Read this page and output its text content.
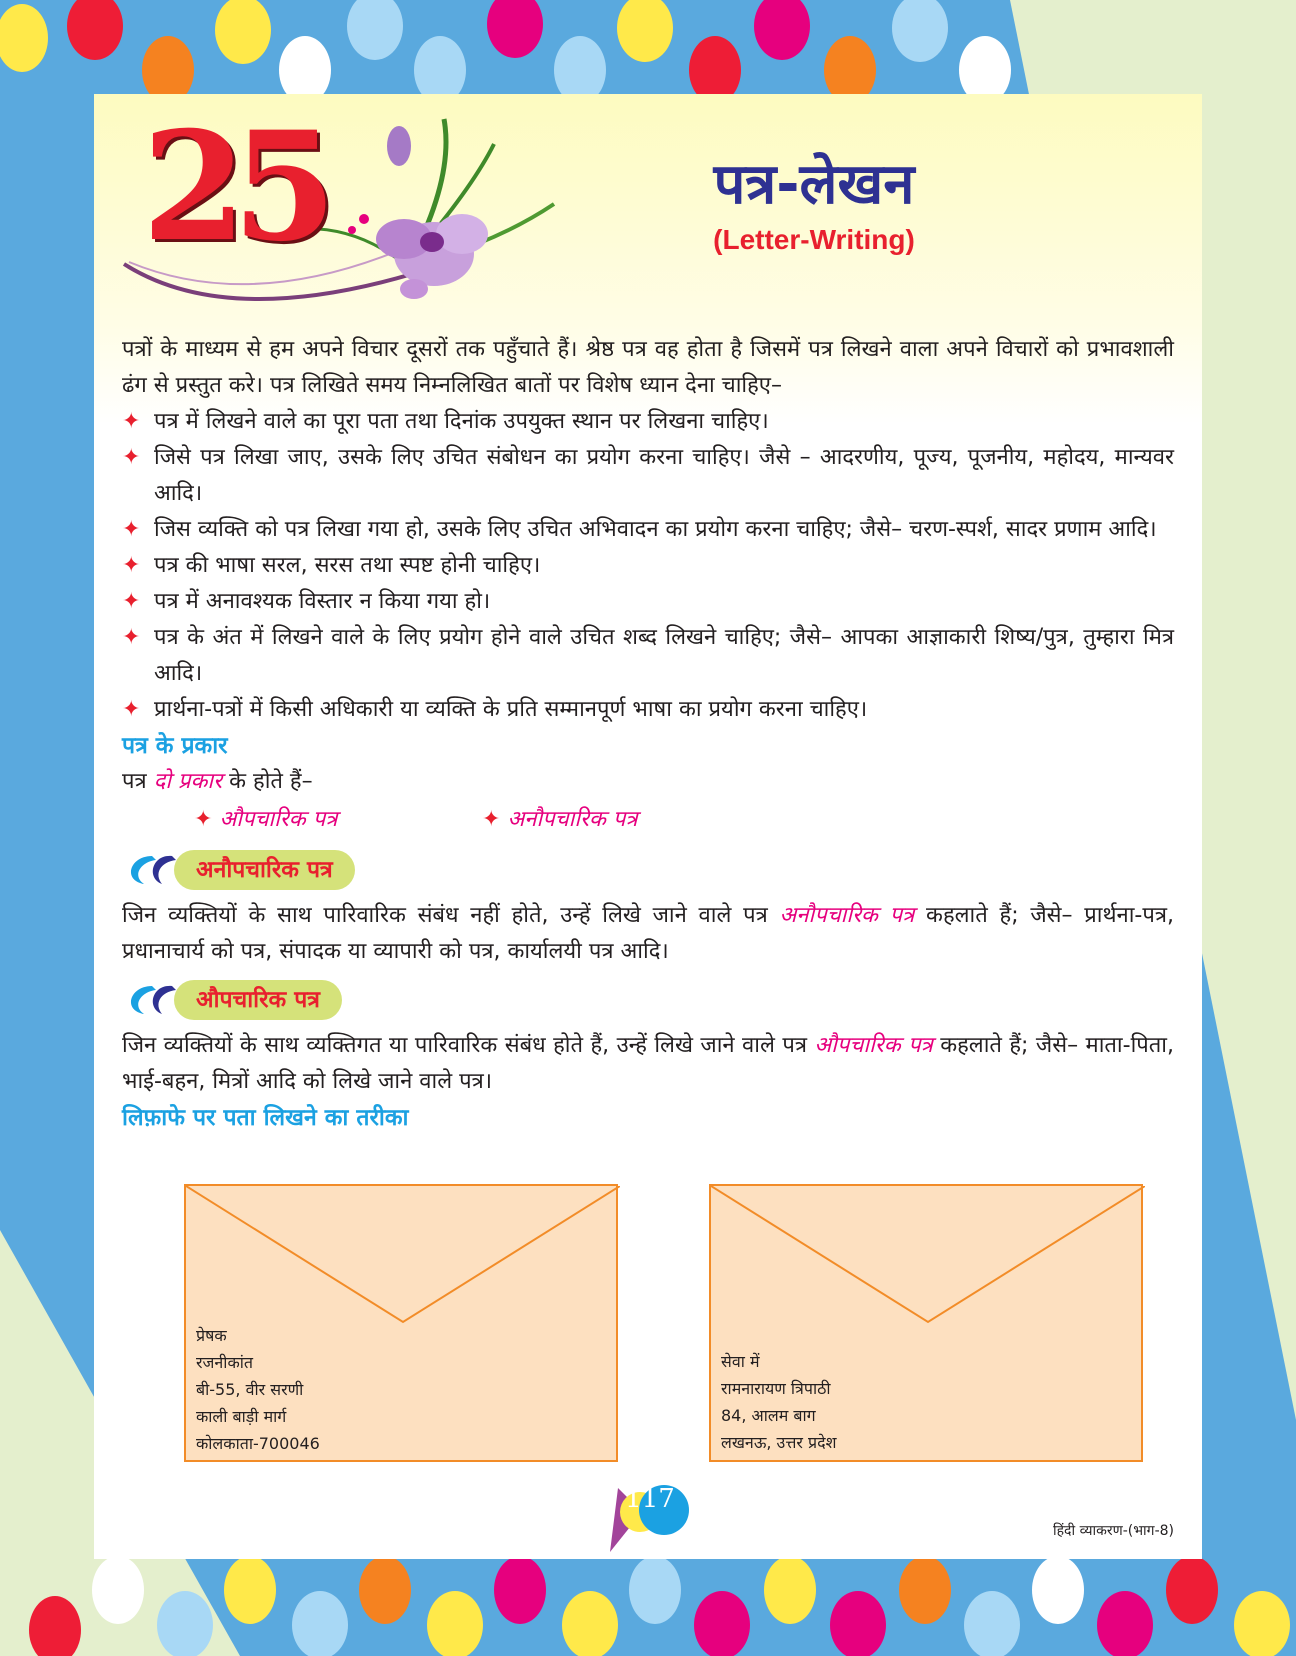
25	पत्र-लेखन
(Letter-Writing)

पत्रों के माध्यम से हम अपने विचार दूसरों तक पहुँचाते हैं। श्रेष्ठ पत्र वह होता है जिसमें पत्र लिखने वाला अपने विचारों को प्रभावशाली ढंग से प्रस्तुत करे। पत्र लिखिते समय निम्नलिखित बातों पर विशेष ध्यान देना चाहिए–

✦ पत्र में लिखने वाले का पूरा पता तथा दिनांक उपयुक्त स्थान पर लिखना चाहिए।
✦ जिसे पत्र लिखा जाए, उसके लिए उचित संबोधन का प्रयोग करना चाहिए। जैसे – आदरणीय, पूज्य, पूजनीय, महोदय, मान्यवर आदि।
✦ जिस व्यक्ति को पत्र लिखा गया हो, उसके लिए उचित अभिवादन का प्रयोग करना चाहिए; जैसे– चरण-स्पर्श, सादर प्रणाम आदि।
✦ पत्र की भाषा सरल, सरस तथा स्पष्ट होनी चाहिए।
✦ पत्र में अनावश्यक विस्तार न किया गया हो।
✦ पत्र के अंत में लिखने वाले के लिए प्रयोग होने वाले उचित शब्द लिखने चाहिए; जैसे– आपका आज्ञाकारी शिष्य/पुत्र, तुम्हारा मित्र आदि।
✦ प्रार्थना-पत्रों में किसी अधिकारी या व्यक्ति के प्रति सम्मानपूर्ण भाषा का प्रयोग करना चाहिए।
पत्र के प्रकार

पत्र दो प्रकार के होते हैं–

✦ औपचारिक पत्र	✦ अनौपचारिक पत्र
अनौपचारिक पत्र

जिन व्यक्तियों के साथ पारिवारिक संबंध नहीं होते, उन्हें लिखे जाने वाले पत्र अनौपचारिक पत्र कहलाते हैं; जैसे– प्रार्थना-पत्र, प्रधानाचार्य को पत्र, संपादक या व्यापारी को पत्र, कार्यालयी पत्र आदि।

औपचारिक पत्र

जिन व्यक्तियों के साथ व्यक्तिगत या पारिवारिक संबंध होते हैं, उन्हें लिखे जाने वाले पत्र औपचारिक पत्र कहलाते हैं; जैसे– माता-पिता, भाई-बहन, मित्रों आदि को लिखे जाने वाले पत्र।

लिफ़ाफे पर पता लिखने का तरीका
प्रेषक
रजनीकांत
बी-55, वीर सरणी
काली बाड़ी मार्ग
कोलकाता-700046
सेवा में
रामनारायण त्रिपाठी
84, आलम बाग
लखनऊ, उत्तर प्रदेश
117
हिंदी व्याकरण-(भाग-8)
